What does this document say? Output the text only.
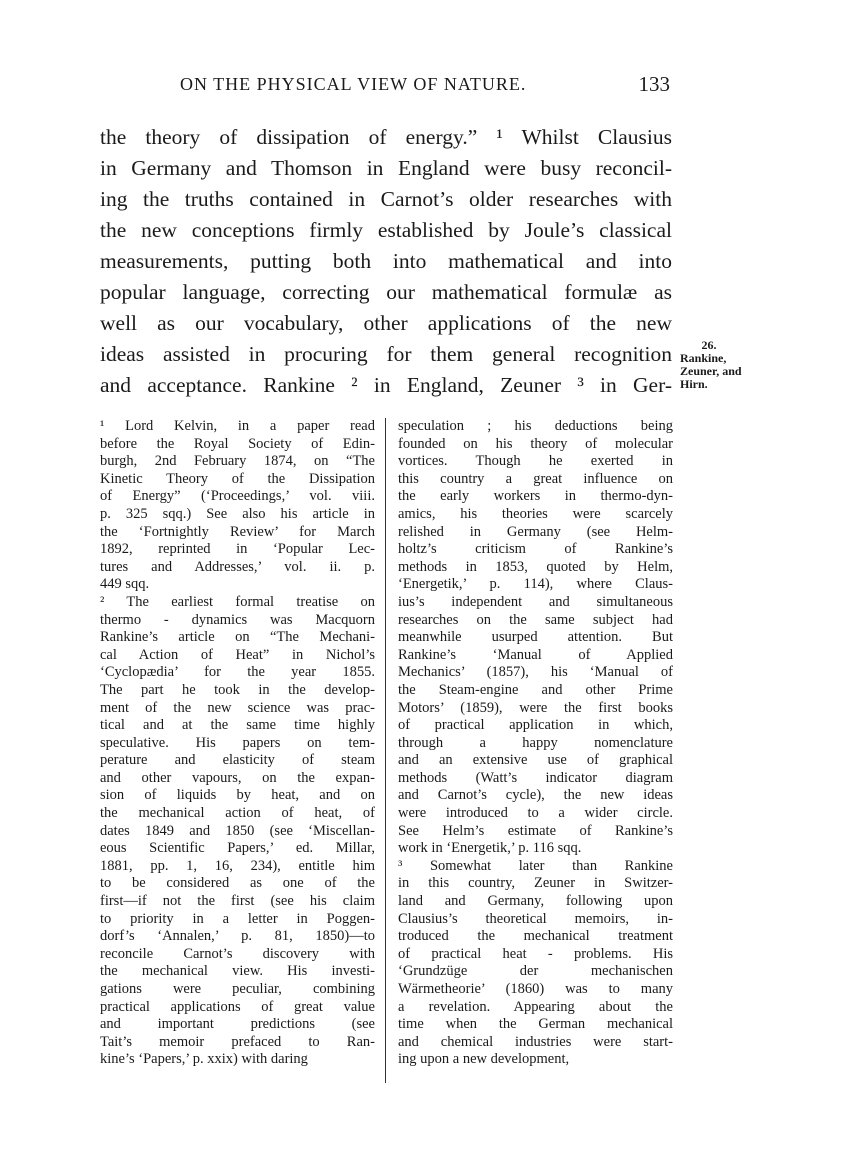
ON THE PHYSICAL VIEW OF NATURE.	133
the theory of dissipation of energy.” ¹ Whilst Clausius
in Germany and Thomson in England were busy reconcil-
ing the truths contained in Carnot’s older researches with
the new conceptions firmly established by Joule’s classical
measurements, putting both into mathematical and into
popular language, correcting our mathematical formulæ as
well as our vocabulary, other applications of the new
ideas assisted in procuring for them general recognition
and acceptance. Rankine ² in England, Zeuner ³ in Ger-
26.
Rankine,
Zeuner, and
Hirn.
¹ Lord Kelvin, in a paper read
before the Royal Society of Edin-
burgh, 2nd February 1874, on “The
Kinetic Theory of the Dissipation
of Energy” (‘Proceedings,’ vol. viii.
p. 325 sqq.) See also his article in
the ‘Fortnightly Review’ for March
1892, reprinted in ‘Popular Lec-
tures and Addresses,’ vol. ii. p.
449 sqq.
² The earliest formal treatise on
thermo - dynamics was Macquorn
Rankine’s article on “The Mechani-
cal Action of Heat” in Nichol’s
‘Cyclopædia’ for the year 1855.
The part he took in the develop-
ment of the new science was prac-
tical and at the same time highly
speculative. His papers on tem-
perature and elasticity of steam
and other vapours, on the expan-
sion of liquids by heat, and on
the mechanical action of heat, of
dates 1849 and 1850 (see ‘Miscellan-
eous Scientific Papers,’ ed. Millar,
1881, pp. 1, 16, 234), entitle him
to be considered as one of the
first—if not the first (see his claim
to priority in a letter in Poggen-
dorf’s ‘Annalen,’ p. 81, 1850)—to
reconcile Carnot’s discovery with
the mechanical view. His investi-
gations were peculiar, combining
practical applications of great value
and important predictions (see
Tait’s memoir prefaced to Ran-
kine’s ‘Papers,’ p. xxix) with daring
speculation ; his deductions being
founded on his theory of molecular
vortices. Though he exerted in
this country a great influence on
the early workers in thermo-dyn-
amics, his theories were scarcely
relished in Germany (see Helm-
holtz’s criticism of Rankine’s
methods in 1853, quoted by Helm,
‘Energetik,’ p. 114), where Claus-
ius’s independent and simultaneous
researches on the same subject had
meanwhile usurped attention. But
Rankine’s ‘Manual of Applied
Mechanics’ (1857), his ‘Manual of
the Steam-engine and other Prime
Motors’ (1859), were the first books
of practical application in which,
through a happy nomenclature
and an extensive use of graphical
methods (Watt’s indicator diagram
and Carnot’s cycle), the new ideas
were introduced to a wider circle.
See Helm’s estimate of Rankine’s
work in ‘Energetik,’ p. 116 sqq.
³ Somewhat later than Rankine
in this country, Zeuner in Switzer-
land and Germany, following upon
Clausius’s theoretical memoirs, in-
troduced the mechanical treatment
of practical heat - problems. His
‘Grundzüge der mechanischen
Wärmetheorie’ (1860) was to many
a revelation. Appearing about the
time when the German mechanical
and chemical industries were start-
ing upon a new development,
